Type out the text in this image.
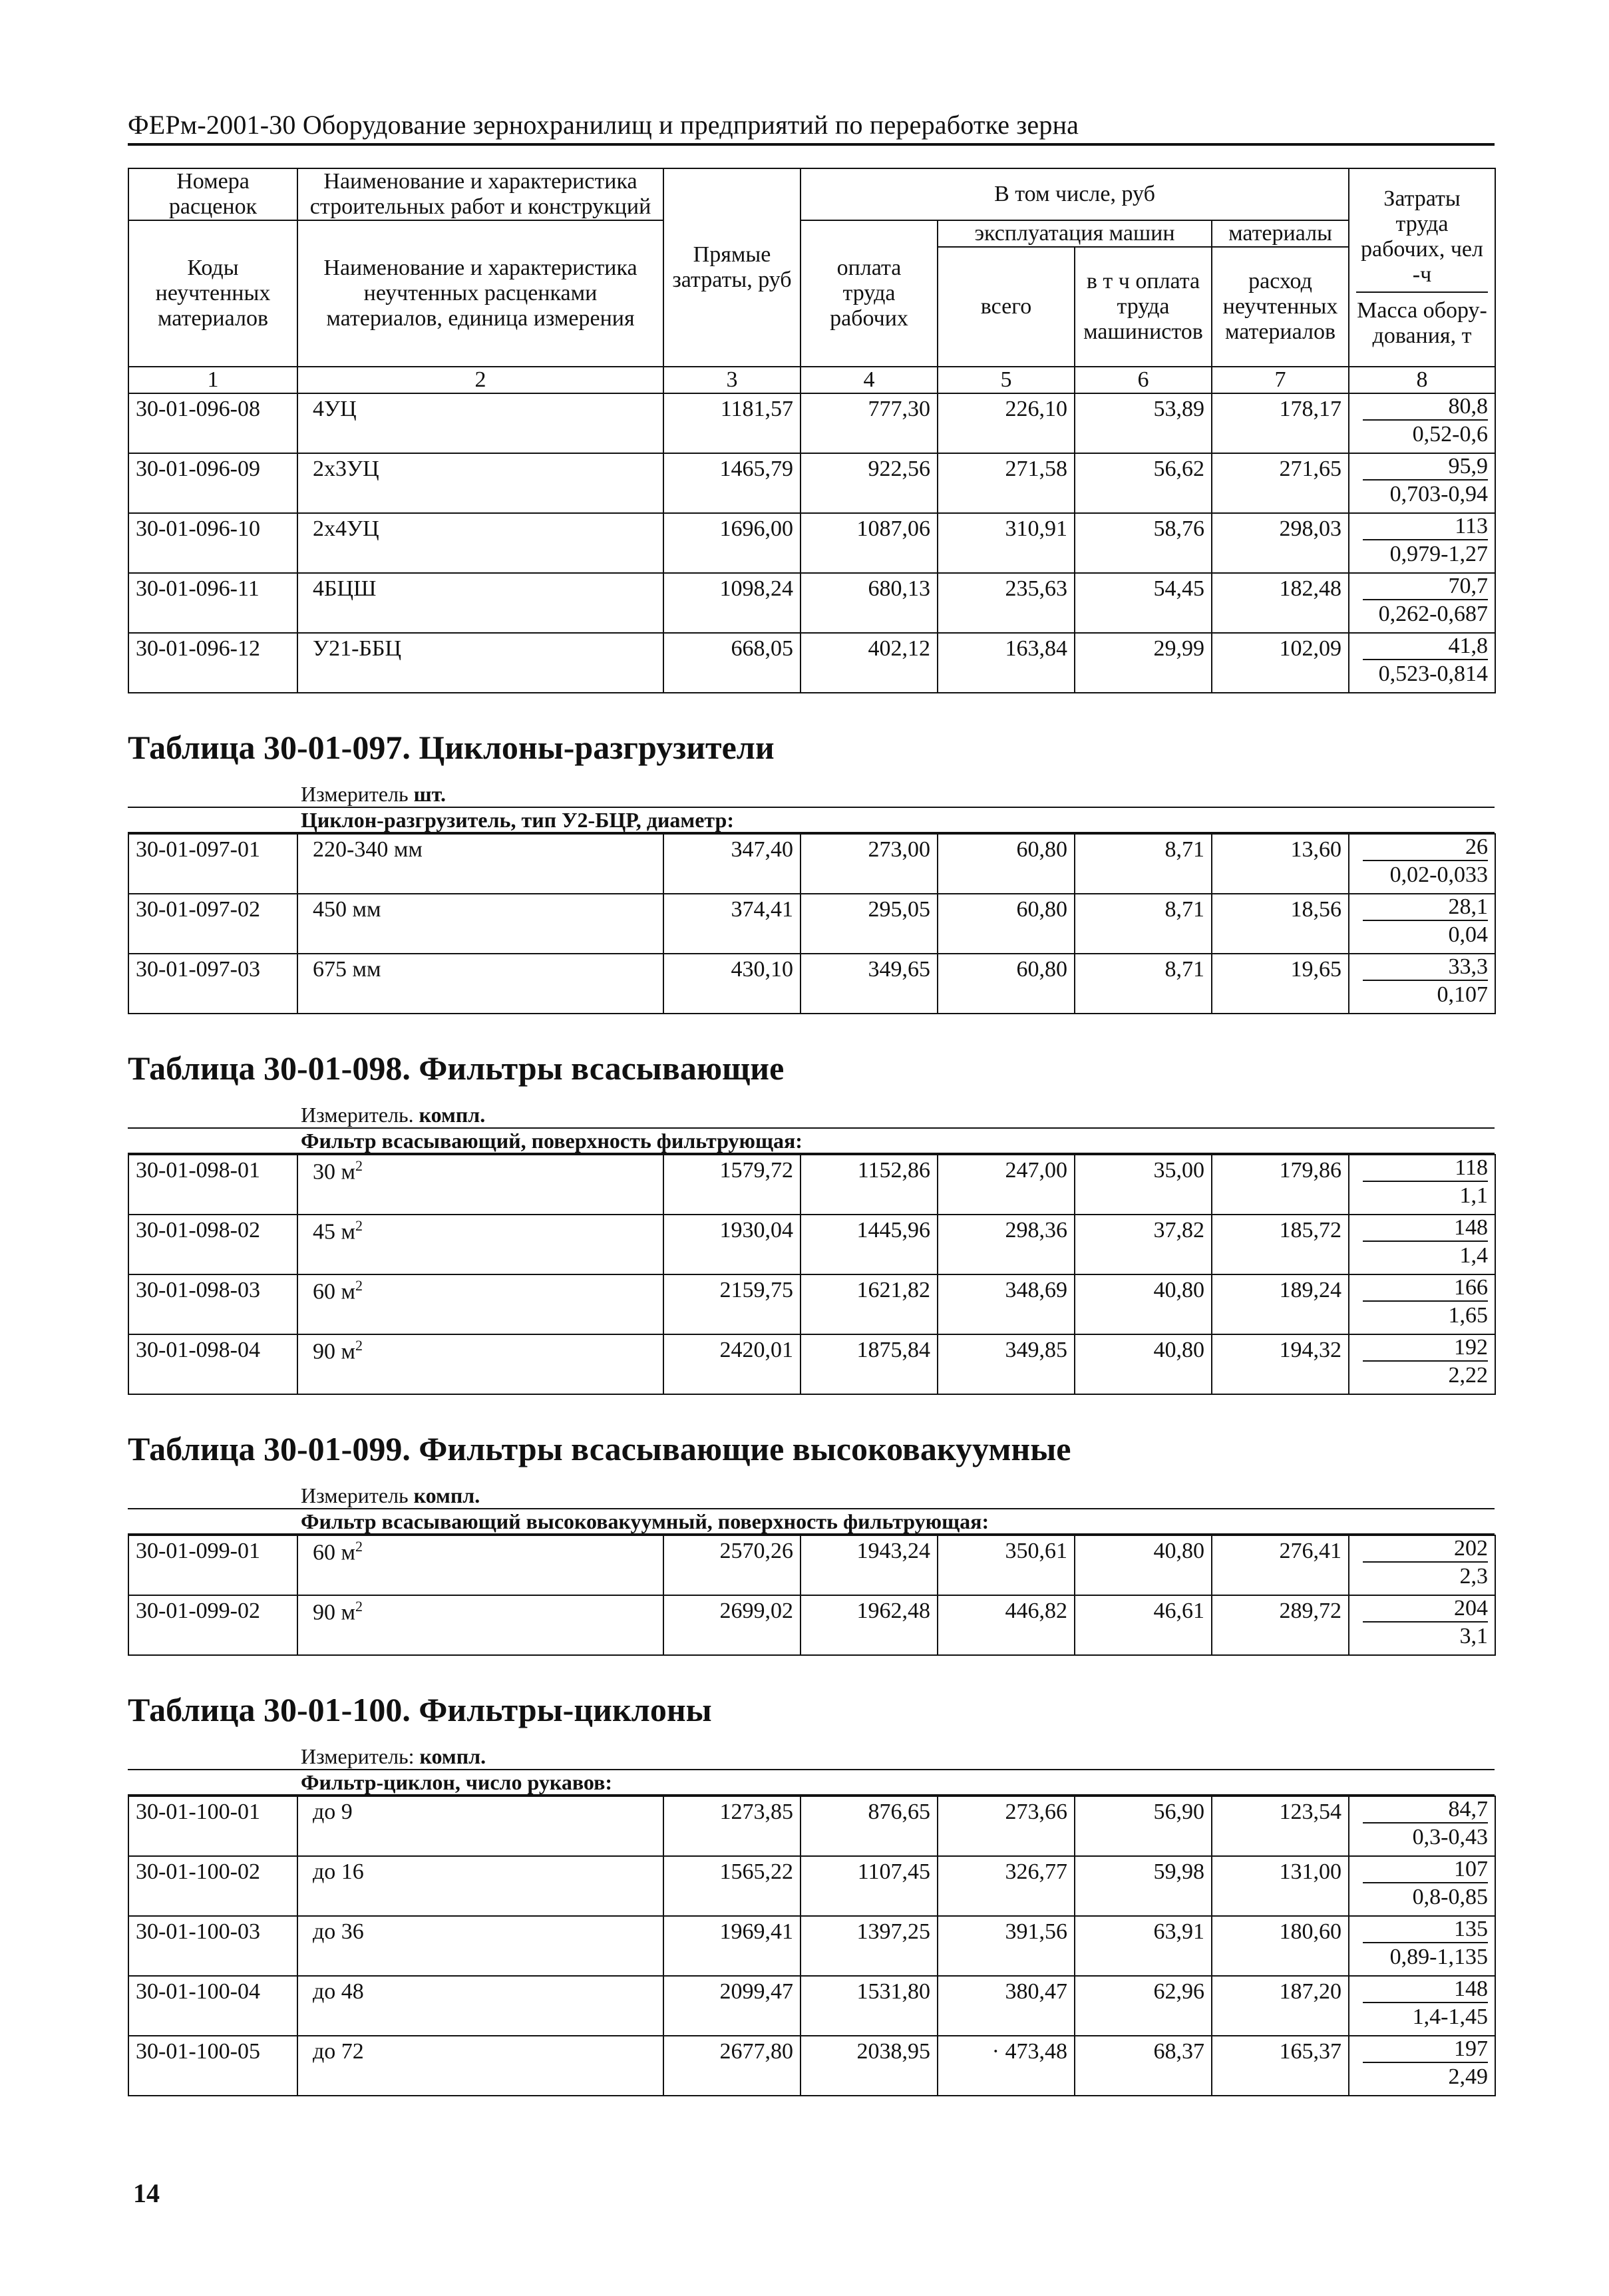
ФЕРм-2001-30 Оборудование зернохранилищ и предприятий по переработке зерна
Номера расценок	Наименование и характеристика строительных работ и конструкций	Прямые затраты, руб	В том числе, руб				Затраты труда рабочих, чел -ч
Масса обору-дования, т

Коды неучтенных материалов	Наименование и характеристика неучтенных расценками материалов, единица измерения		оплата труда рабочих	эксплуатация машин		материалы	
				всего	в т ч оплата труда машинистов	расход неучтенных материалов	
1	2	3	4	5	6	7	8
30-01-096-08	4УЦ	1181,57	777,30	226,10	53,89	178,17	80,8
0,52-0,6

30-01-096-09	2х3УЦ	1465,79	922,56	271,58	56,62	271,65	95,9
0,703-0,94

30-01-096-10	2х4УЦ	1696,00	1087,06	310,91	58,76	298,03	113
0,979-1,27

30-01-096-11	4БЦШ	1098,24	680,13	235,63	54,45	182,48	70,7
0,262-0,687

30-01-096-12	У21-ББЦ	668,05	402,12	163,84	29,99	102,09	41,8
0,523-0,814
Таблица 30-01-097. Циклоны-разгрузители
Измеритель шт.
Циклон-разгрузитель, тип У2-БЦР, диаметр:
30-01-097-01	220-340 мм	347,40	273,00	60,80	8,71	13,60	26
0,02-0,033

30-01-097-02	450 мм	374,41	295,05	60,80	8,71	18,56	28,1
0,04

30-01-097-03	675 мм	430,10	349,65	60,80	8,71	19,65	33,3
0,107
Таблица 30-01-098. Фильтры всасывающие
Измеритель. компл.
Фильтр всасывающий, поверхность фильтрующая:
30-01-098-01	30 $м^2$	1579,72	1152,86	247,00	35,00	179,86	118
1,1

30-01-098-02	45 $м^2$	1930,04	1445,96	298,36	37,82	185,72	148
1,4

30-01-098-03	60 $м^2$	2159,75	1621,82	348,69	40,80	189,24	166
1,65

30-01-098-04	90 $м^2$	2420,01	1875,84	349,85	40,80	194,32	192
2,22
Таблица 30-01-099. Фильтры всасывающие высоковакуумные
Измеритель компл.
Фильтр всасывающий высоковакуумный, поверхность фильтрующая:
30-01-099-01	60 $м^2$	2570,26	1943,24	350,61	40,80	276,41	202
2,3

30-01-099-02	90 $м^2$	2699,02	1962,48	446,82	46,61	289,72	204
3,1
Таблица 30-01-100. Фильтры-циклоны
Измеритель: компл.
Фильтр-циклон, число рукавов:
30-01-100-01	до 9	1273,85	876,65	273,66	56,90	123,54	84,7
0,3-0,43

30-01-100-02	до 16	1565,22	1107,45	326,77	59,98	131,00	107
0,8-0,85

30-01-100-03	до 36	1969,41	1397,25	391,56	63,91	180,60	135
0,89-1,135

30-01-100-04	до 48	2099,47	1531,80	380,47	62,96	187,20	148
1,4-1,45

30-01-100-05	до 72	2677,80	2038,95	· 473,48	68,37	165,37	197
2,49
14
